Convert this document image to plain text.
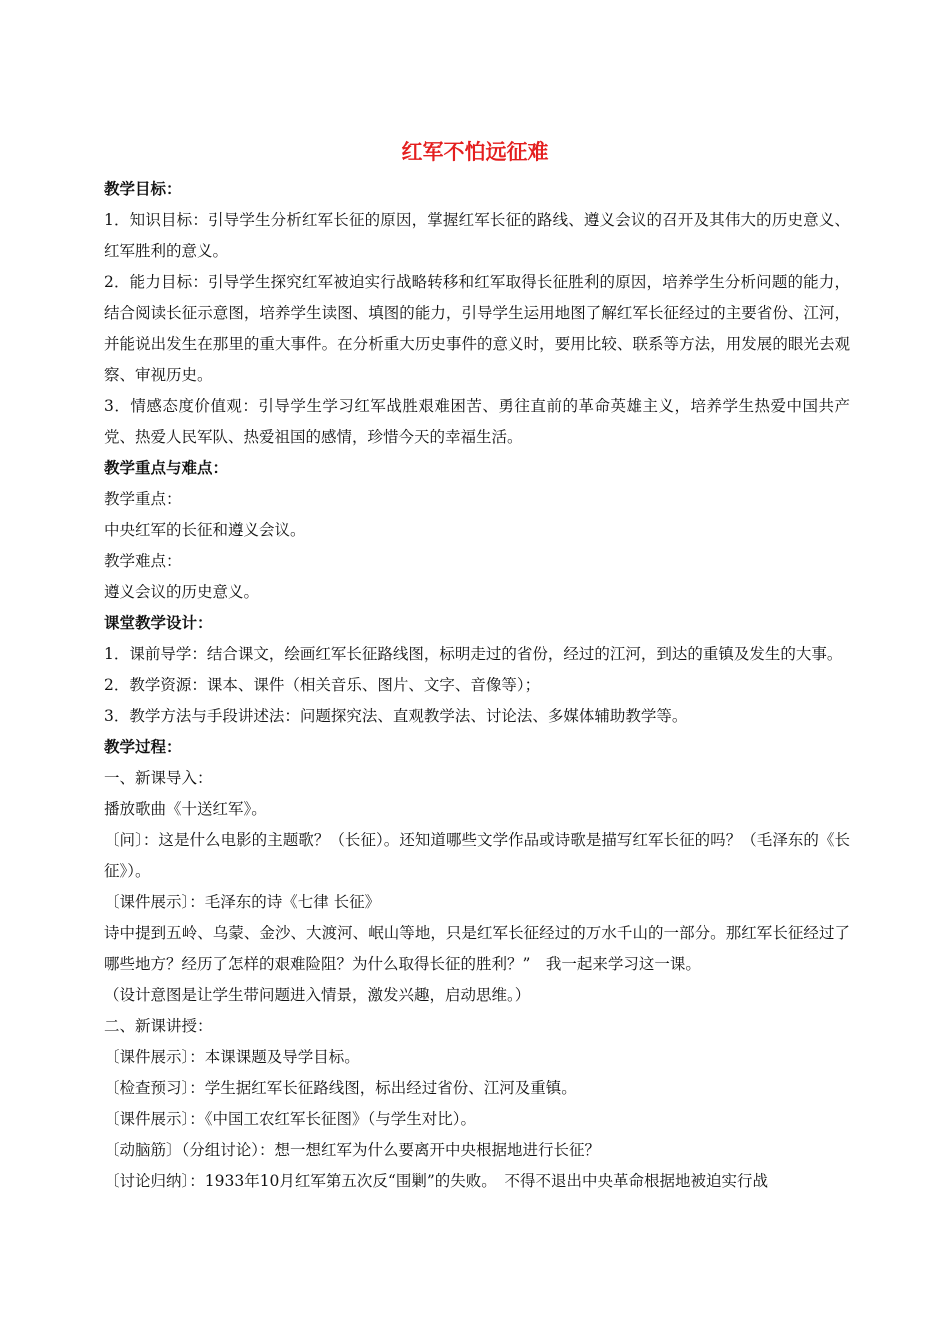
红军不怕远征难

教学目标：

1．知识目标：引导学生分析红军长征的原因，掌握红军长征的路线、遵义会议的召开及其伟大的历史意义、红军胜利的意义。

2．能力目标：引导学生探究红军被迫实行战略转移和红军取得长征胜利的原因，培养学生分析问题的能力，结合阅读长征示意图，培养学生读图、填图的能力，引导学生运用地图了解红军长征经过的主要省份、江河，并能说出发生在那里的重大事件。在分析重大历史事件的意义时，要用比较、联系等方法，用发展的眼光去观察、审视历史。

3．情感态度价值观：引导学生学习红军战胜艰难困苦、勇往直前的革命英雄主义，培养学生热爱中国共产党、热爱人民军队、热爱祖国的感情，珍惜今天的幸福生活。

教学重点与难点：

教学重点：

中央红军的长征和遵义会议。

教学难点：

遵义会议的历史意义。

课堂教学设计：

1．课前导学：结合课文，绘画红军长征路线图，标明走过的省份，经过的江河，到达的重镇及发生的大事。

2．教学资源：课本、课件（相关音乐、图片、文字、音像等）；

3．教学方法与手段讲述法：问题探究法、直观教学法、讨论法、多媒体辅助教学等。

教学过程：

一、新课导入：

播放歌曲《十送红军》。

〔问〕：这是什么电影的主题歌？（长征）。还知道哪些文学作品或诗歌是描写红军长征的吗？（毛泽东的《长征》）。

〔课件展示〕：毛泽东的诗《七律 长征》

诗中提到五岭、乌蒙、金沙、大渡河、岷山等地，只是红军长征经过的万水千山的一部分。那红军长征经过了哪些地方？经历了怎样的艰难险阻？为什么取得长征的胜利？”　我一起来学习这一课。

（设计意图是让学生带问题进入情景，激发兴趣，启动思维。）

二、新课讲授：

〔课件展示〕：本课课题及导学目标。

〔检查预习〕：学生据红军长征路线图，标出经过省份、江河及重镇。

〔课件展示〕：《中国工农红军长征图》（与学生对比）。

〔动脑筋〕（分组讨论）：想一想红军为什么要离开中央根据地进行长征？

〔讨论归纳〕：1933年10月红军第五次反“围剿”的失败。　不得不退出中央革命根据地被迫实行战
